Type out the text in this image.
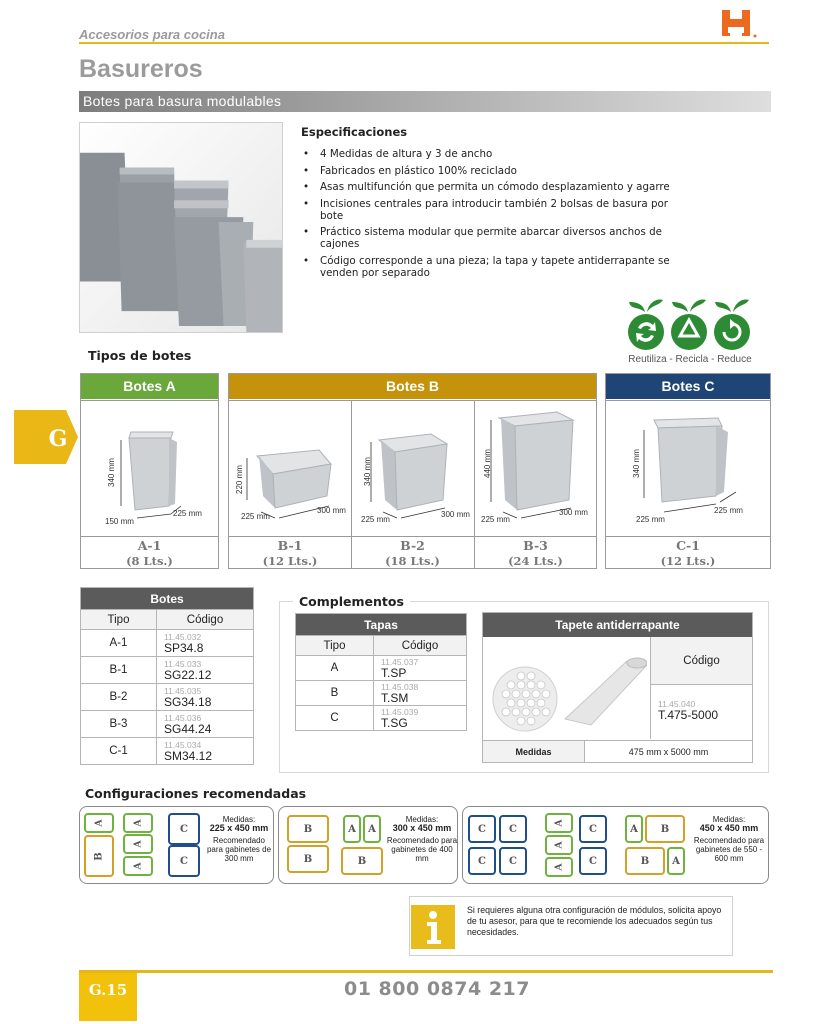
Accesorios para cocina
Basureros
Botes para basura modulables
G
Especificaciones
• 4 Medidas de altura y 3 de ancho
• Fabricados en plástico 100% reciclado
• Asas multifunción que permita un cómodo desplazamiento y agarre
• Incisiones centrales para introducir también 2 bolsas de basura por bote
• Práctico sistema modular que permite abarcar diversos anchos de cajones
• Código corresponde a una pieza; la tapa y tapete antiderrapante se venden por separado
Reutiliza - Recicla - Reduce
Tipos de botes
Botes A
340 mm
150 mm
225 mm
A-1
(8 Lts.)
Botes B
220 mm
225 mm
300 mm
B-1
(12 Lts.)
340 mm
225 mm
300 mm
B-2
(18 Lts.)
440 mm
225 mm
300 mm
B-3
(24 Lts.)
Botes C
340 mm
225 mm
225 mm
C-1
(12 Lts.)
Botes	
Tipo	Código
A-1	11.45.032
SP34.8

B-1	11.45.033
SG22.12

B-2	11.45.035
SG34.18

B-3	11.45.036
SG44.24

C-1	11.45.034
SM34.12
Complementos
Tapas	
Tipo	Código
A	11.45.037
T.SP

B	11.45.038
T.SM

C	11.45.039
T.SG
Tapete antiderrapante
Código
11.45.040
T.475-5000
Medidas	475 mm x 5000 mm
Configuraciones recomendadas
A
B
A
A
A
C
C
Medidas:
225 x 450 mm
Recomendado para gabinetes de 300 mm
B
B
A	A
B
Medidas:
300 x 450 mm
Recomendado para gabinetes de 400 mm
C	C
C	C
A
A
A
C
C
A	B
B	A
Medidas:
450 x 450 mm
Recomendado para gabinetes de 550 - 600 mm
Si requieres alguna otra configuración de módulos, solicita apoyo de tu asesor, para que te recomiende los adecuados según tus necesidades.
G.15	01 800 0874 217
